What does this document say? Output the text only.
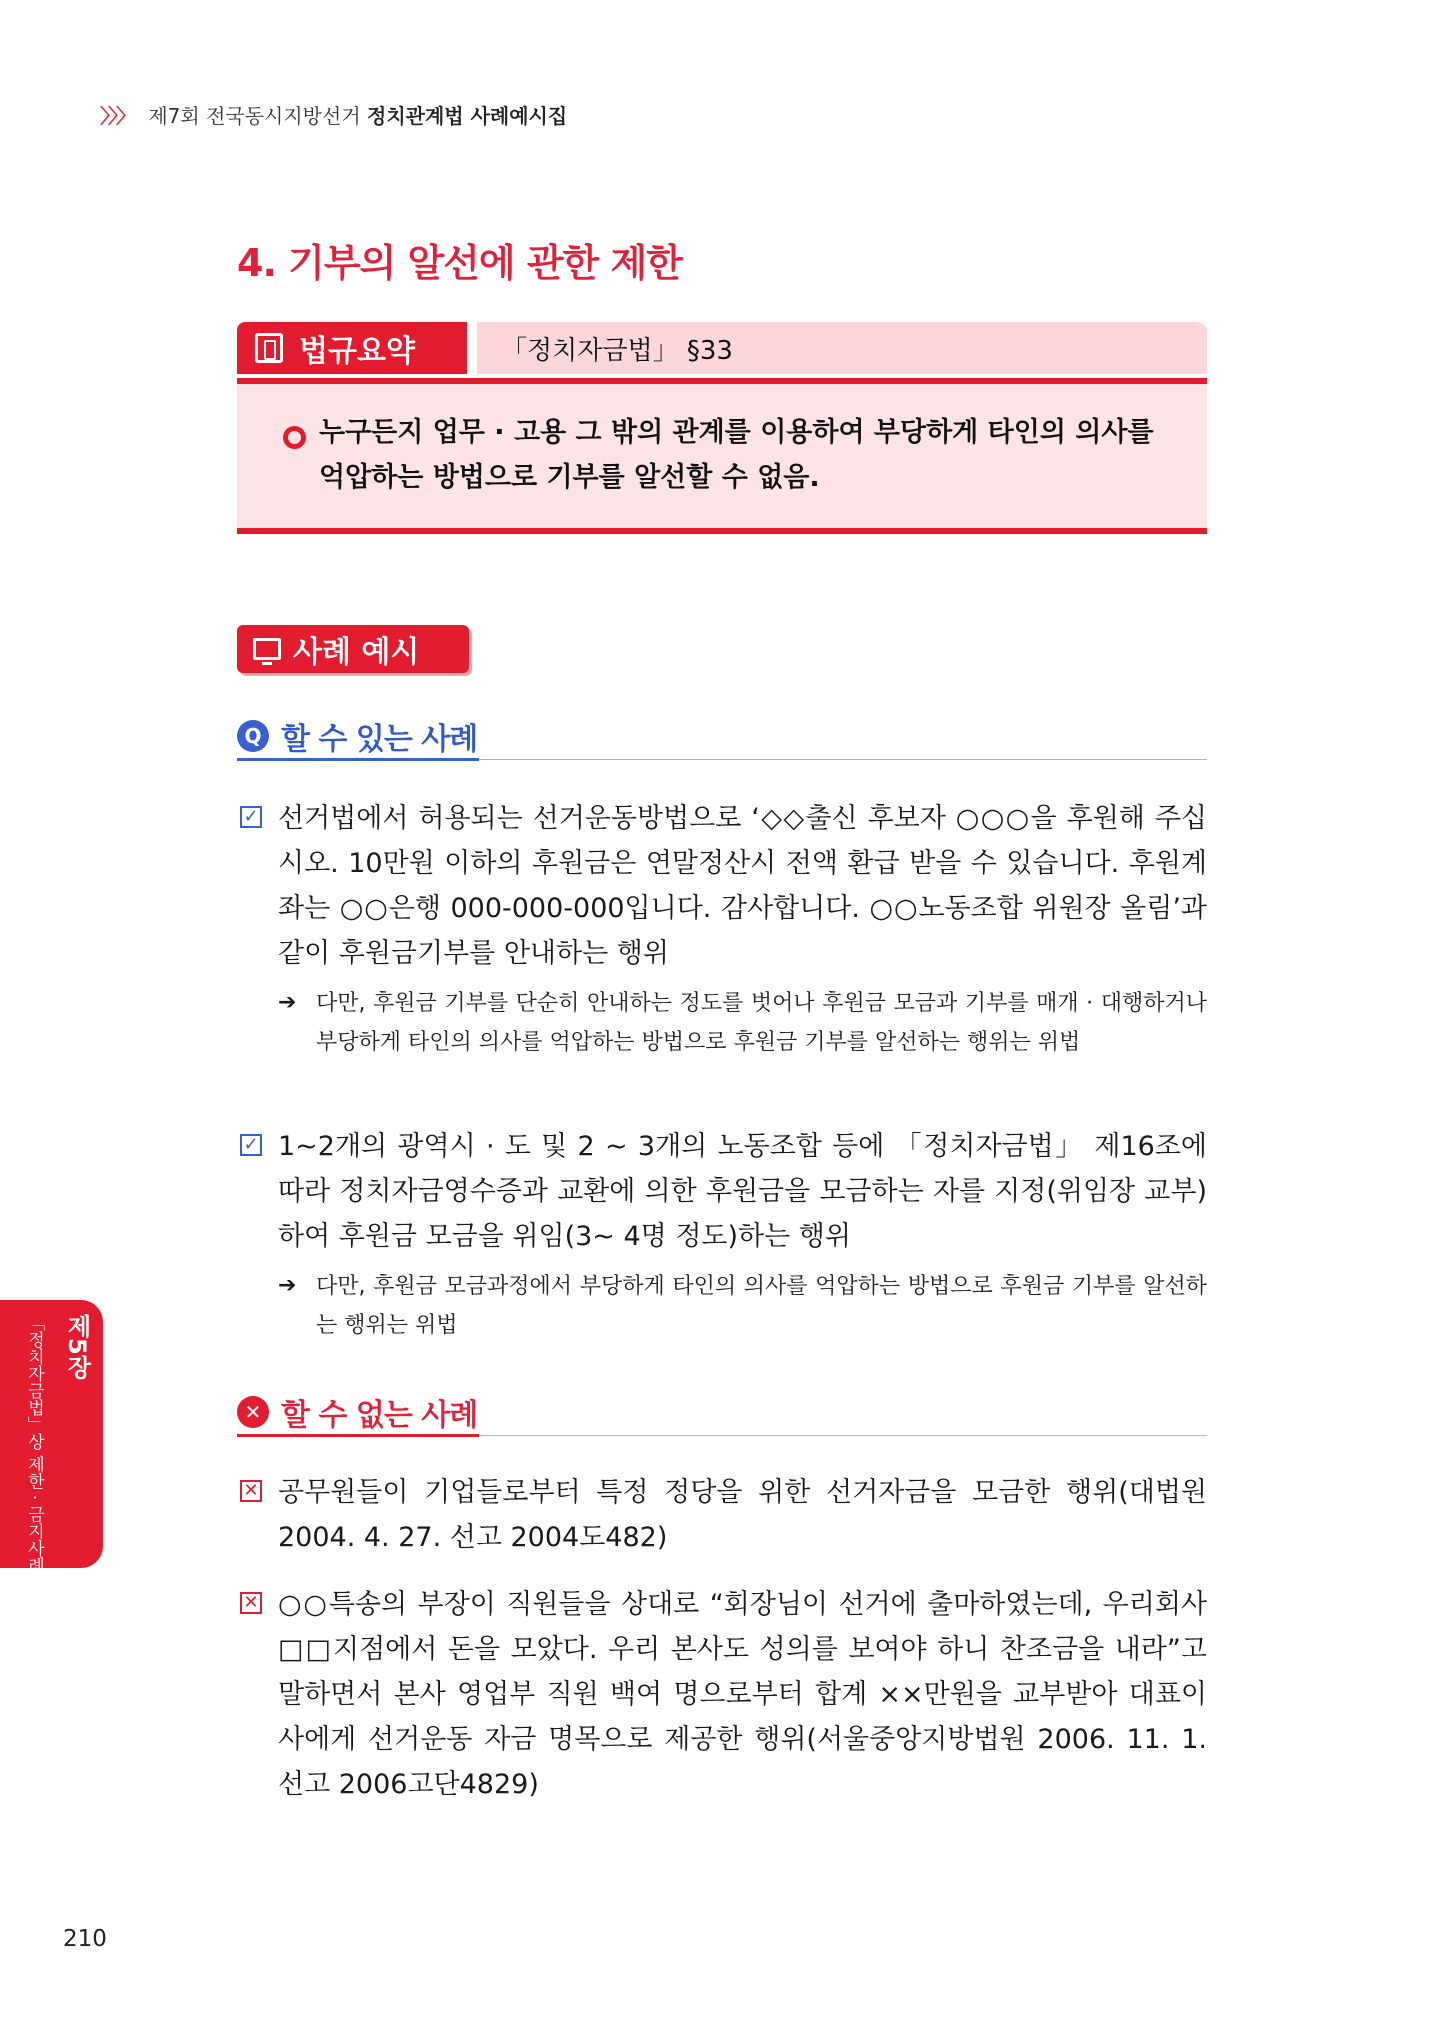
〉〉〉 제7회 전국동시지방선거 정치관계법 사례예시집
4. 기부의 알선에 관한 제한
법규요약	「정치자금법」 §33
누구든지 업무 · 고용 그 밖의 관계를 이용하여 부당하게 타인의 의사를 억압하는 방법으로 기부를 알선할 수 없음.
사례 예시
Q 할 수 있는 사례
✓ 선거법에서 허용되는 선거운동방법으로 ‘◇◇출신 후보자 ○○○을 후원해 주십시오. 10만원 이하의 후원금은 연말정산시 전액 환급 받을 수 있습니다. 후원계좌는 ○○은행 000-000-000입니다. 감사합니다. ○○노동조합 위원장 올림’과 같이 후원금기부를 안내하는 행위
➔ 다만, 후원금 기부를 단순히 안내하는 정도를 벗어나 후원금 모금과 기부를 매개 · 대행하거나 부당하게 타인의 의사를 억압하는 방법으로 후원금 기부를 알선하는 행위는 위법
✓ 1~2개의 광역시 · 도 및 2 ~ 3개의 노동조합 등에 「정치자금법」 제16조에 따라 정치자금영수증과 교환에 의한 후원금을 모금하는 자를 지정(위임장 교부)하여 후원금 모금을 위임(3~ 4명 정도)하는 행위
➔ 다만, 후원금 모금과정에서 부당하게 타인의 의사를 억압하는 방법으로 후원금 기부를 알선하는 행위는 위법
✕ 할 수 없는 사례
✕ 공무원들이 기업들로부터 특정 정당을 위한 선거자금을 모금한 행위(대법원 2004. 4. 27. 선고 2004도482)
✕ ○○특송의 부장이 직원들을 상대로 “회장님이 선거에 출마하였는데, 우리회사 □□지점에서 돈을 모았다. 우리 본사도 성의를 보여야 하니 찬조금을 내라”고 말하면서 본사 영업부 직원 백여 명으로부터 합계 ××만원을 교부받아 대표이사에게 선거운동 자금 명목으로 제공한 행위(서울중앙지방법원 2006. 11. 1. 선고 2006고단4829)
제5장
「정치자금법」상 제한 · 금지사례
210
